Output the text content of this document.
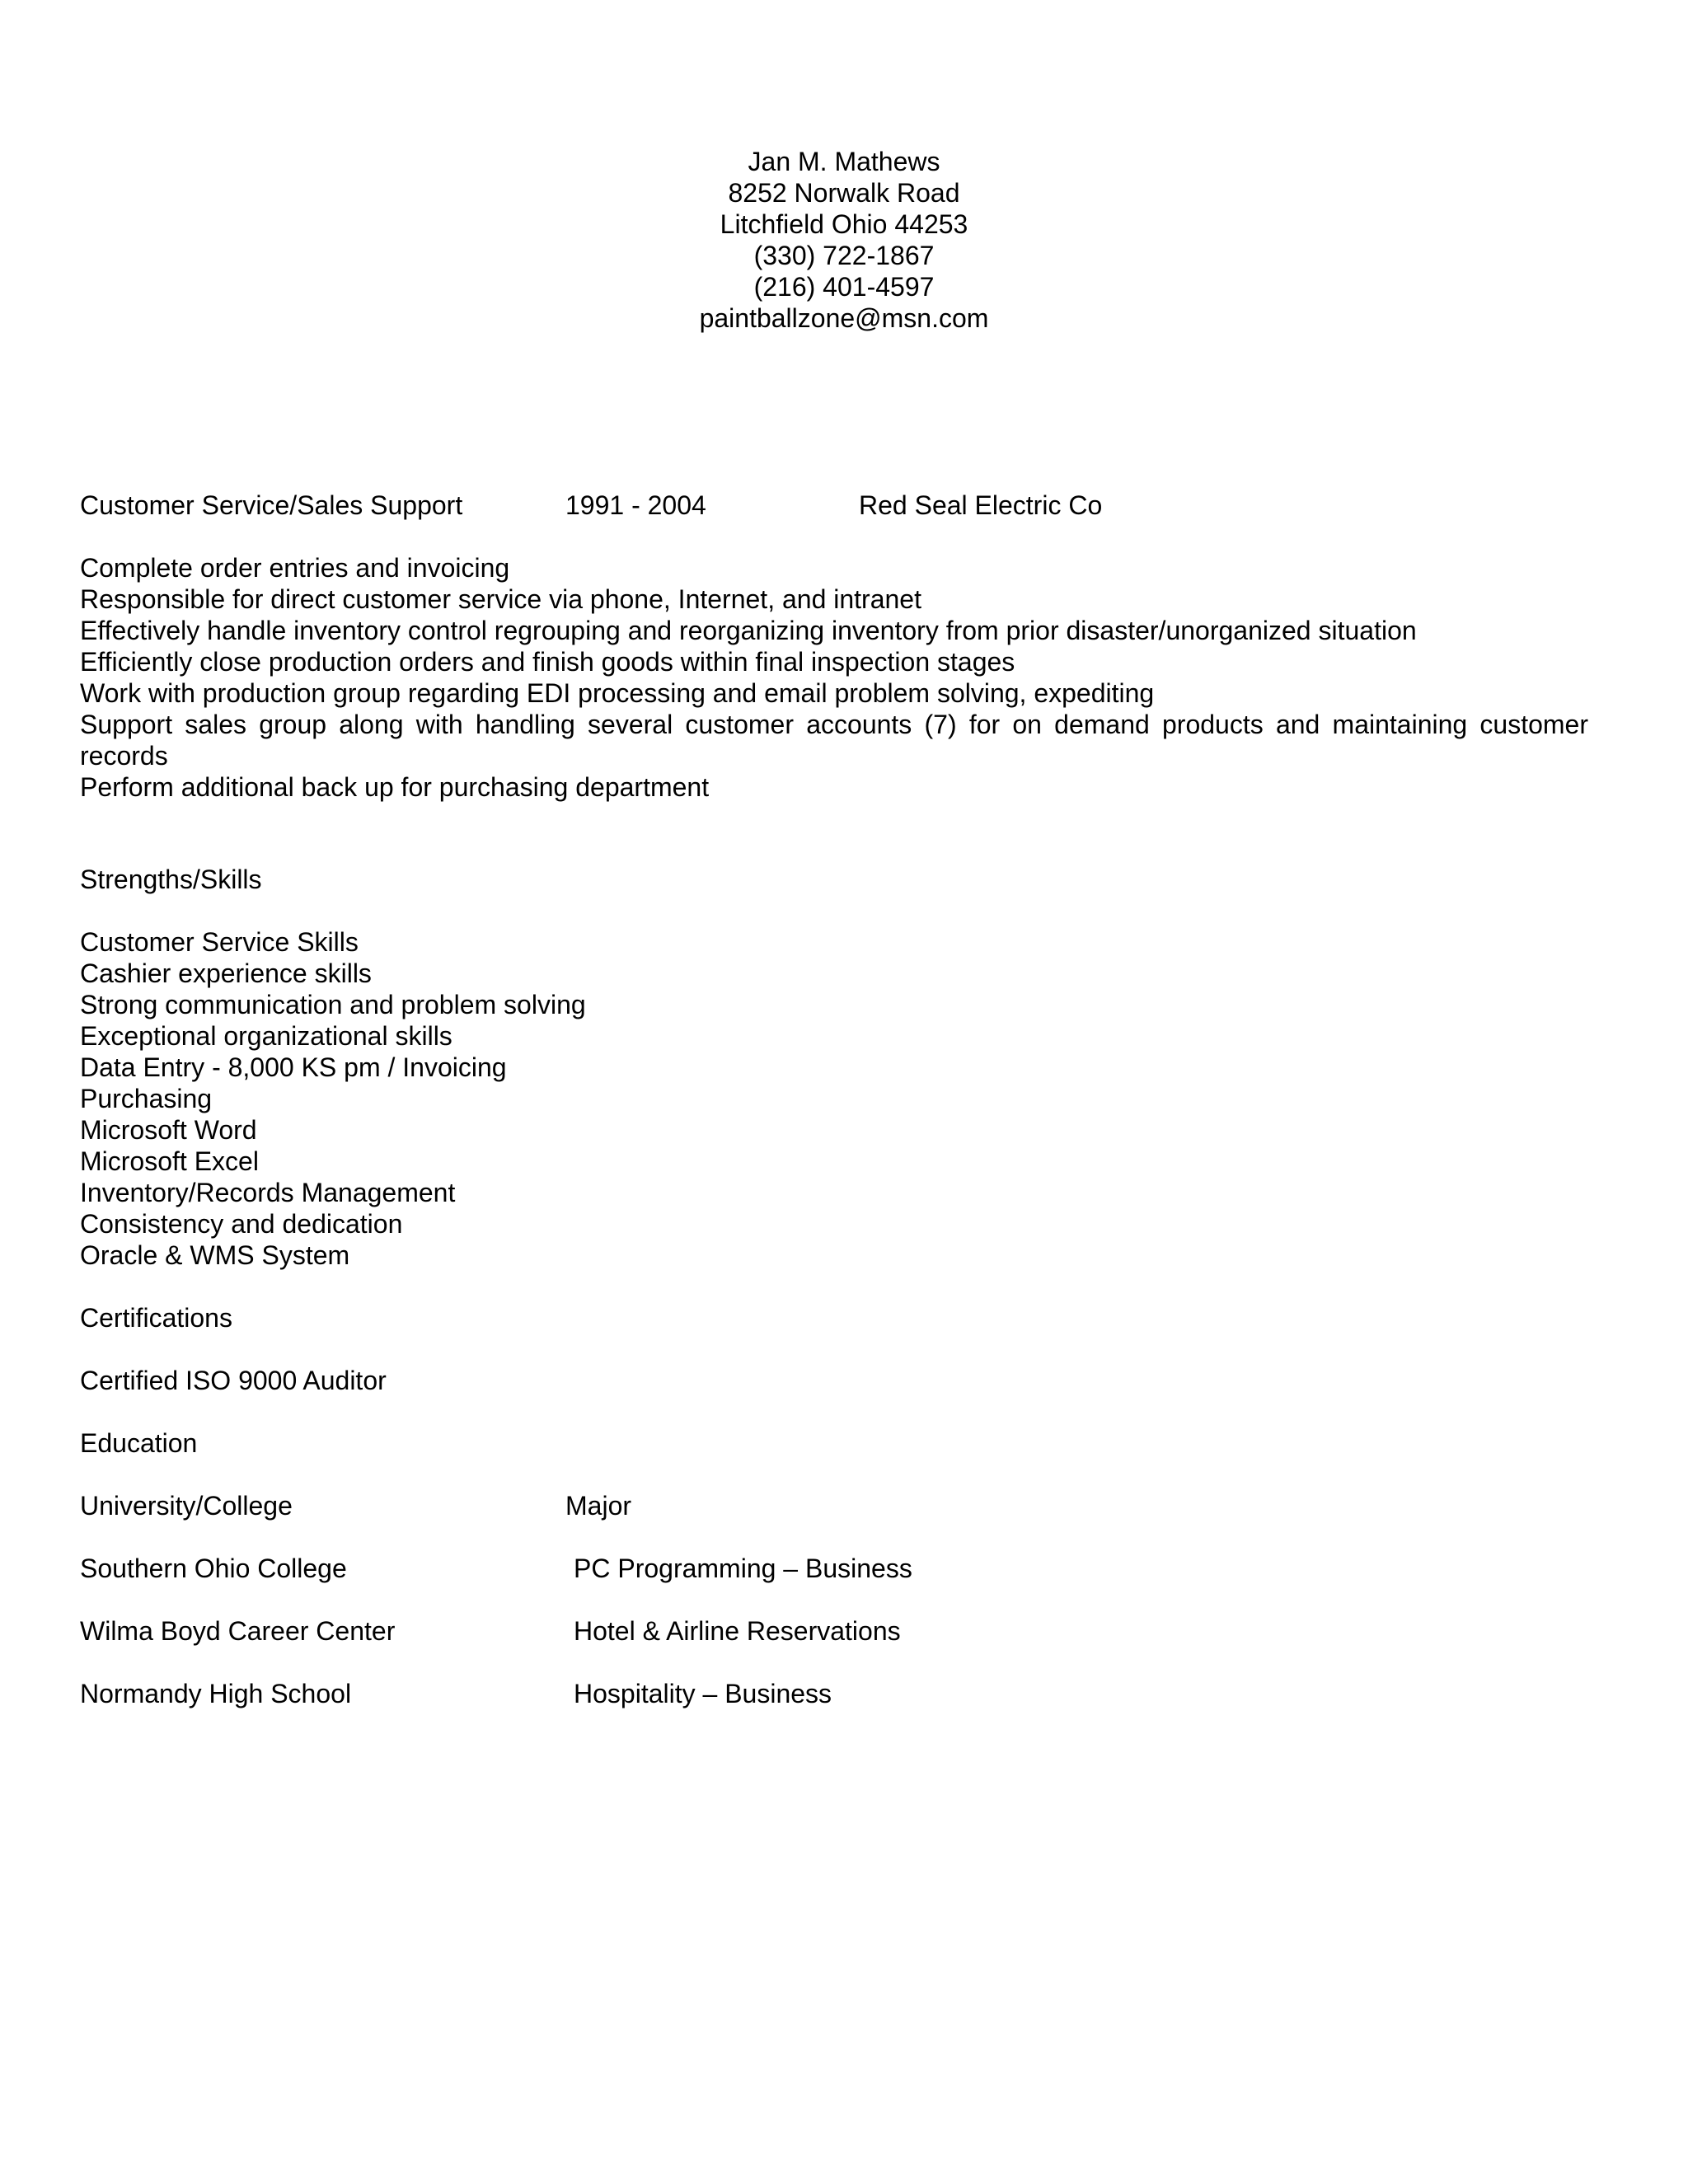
Jan M. Mathews
8252 Norwalk Road
Litchfield Ohio 44253
(330) 722-1867
(216) 401-4597
paintballzone@msn.com
Customer Service/Sales Support	1991 - 2004	Red Seal Electric Co
Complete order entries and invoicing
Responsible for direct customer service via phone, Internet, and intranet
Effectively handle inventory control regrouping and reorganizing inventory from prior disaster/unorganized situation
Efficiently close production orders and finish goods within final inspection stages
Work with production group regarding EDI processing and email problem solving, expediting
Support sales group along with handling several customer accounts (7) for on demand products and maintaining customer records
Perform additional back up for purchasing department
Strengths/Skills
Customer Service Skills
Cashier experience skills
Strong communication and problem solving
Exceptional organizational skills
Data Entry - 8,000 KS pm / Invoicing
Purchasing
Microsoft Word
Microsoft Excel
Inventory/Records Management
Consistency and dedication
Oracle & WMS System
Certifications
Certified ISO 9000 Auditor
Education
University/College	Major
Southern Ohio College	PC Programming – Business
Wilma Boyd Career Center	Hotel & Airline Reservations
Normandy High School	Hospitality – Business
